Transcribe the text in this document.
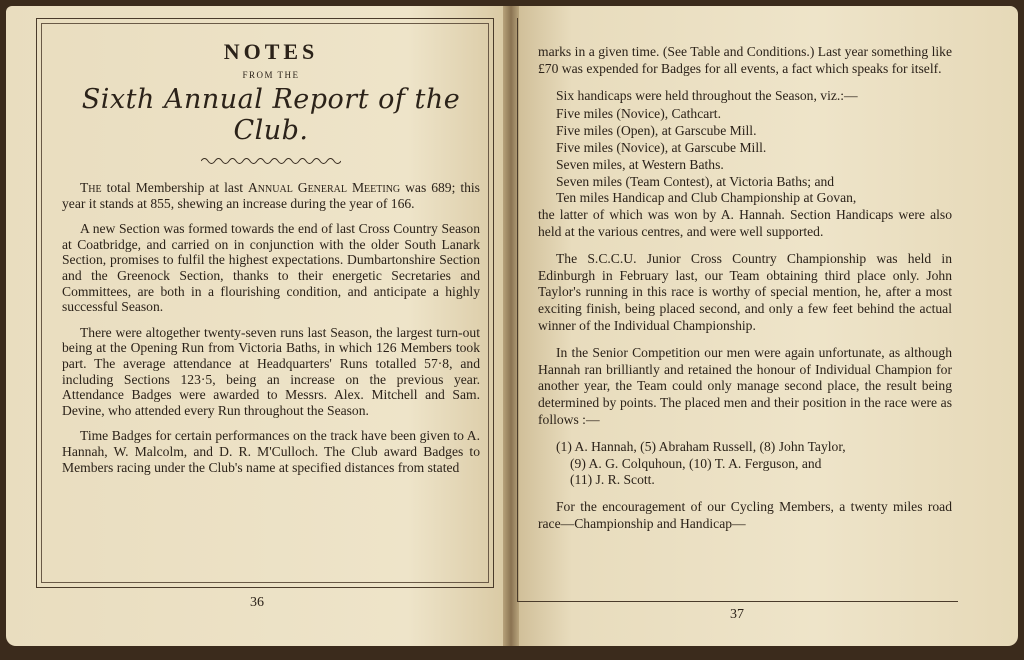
NOTES
FROM THE
Sixth Annual Report of the Club.

The total Membership at last Annual General Meeting was 689; this year it stands at 855, shewing an increase during the year of 166.

A new Section was formed towards the end of last Cross Country Season at Coatbridge, and carried on in conjunction with the older South Lanark Section, promises to fulfil the highest expectations. Dumbartonshire Section and the Greenock Section, thanks to their energetic Secretaries and Committees, are both in a flourishing condition, and anticipate a highly successful Season.

There were altogether twenty-seven runs last Season, the largest turn-out being at the Opening Run from Victoria Baths, in which 126 Members took part. The average attendance at Headquarters' Runs totalled 57·8, and including Sections 123·5, being an increase on the previous year. Attendance Badges were awarded to Messrs. Alex. Mitchell and Sam. Devine, who attended every Run throughout the Season.

Time Badges for certain performances on the track have been given to A. Hannah, W. Malcolm, and D. R. M'Culloch. The Club award Badges to Members racing under the Club's name at specified distances from stated

36

marks in a given time. (See Table and Conditions.) Last year something like £70 was expended for Badges for all events, a fact which speaks for itself.

Six handicaps were held throughout the Season, viz.:—

Five miles (Novice), Cathcart.

Five miles (Open), at Garscube Mill.

Five miles (Novice), at Garscube Mill.

Seven miles, at Western Baths.

Seven miles (Team Contest), at Victoria Baths; and

Ten miles Handicap and Club Championship at Govan,

the latter of which was won by A. Hannah. Section Handicaps were also held at the various centres, and were well supported.

The S.C.C.U. Junior Cross Country Championship was held in Edinburgh in February last, our Team obtaining third place only. John Taylor's running in this race is worthy of special mention, he, after a most exciting finish, being placed second, and only a few feet behind the actual winner of the Individual Championship.

In the Senior Competition our men were again unfortunate, as although Hannah ran brilliantly and retained the honour of Individual Champion for another year, the Team could only manage second place, the result being determined by points. The placed men and their position in the race were as follows :—

(1) A. Hannah, (5) Abraham Russell, (8) John Taylor,

(9) A. G. Colquhoun, (10) T. A. Ferguson, and

(11) J. R. Scott.

For the encouragement of our Cycling Members, a twenty miles road race—Championship and Handicap—

37
